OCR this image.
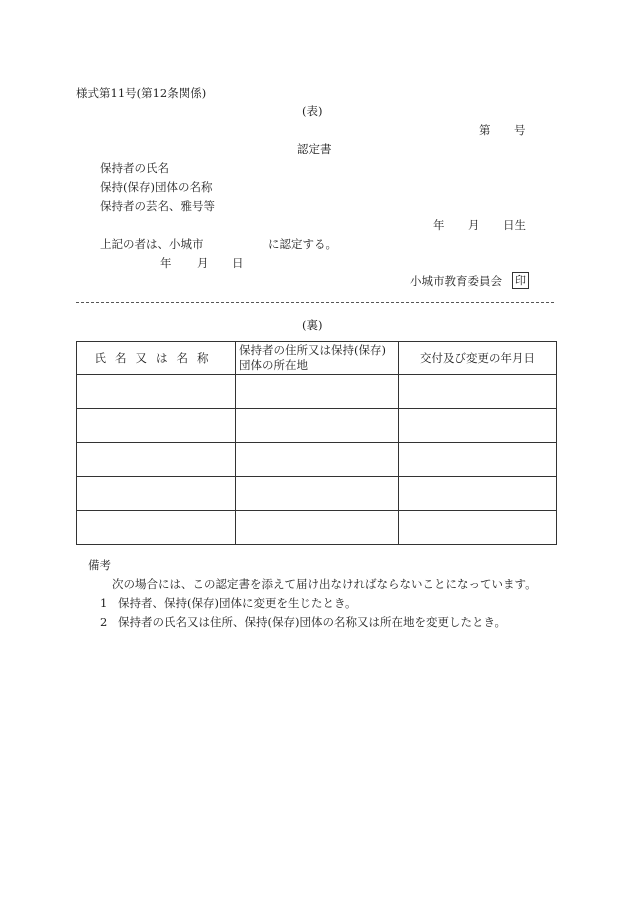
様式第11号(第12条関係)
(表)
第 号
認定書
保持者の氏名
保持(保存)団体の名称
保持者の芸名、雅号等
年 月 日生
上記の者は、小城市	に認定する。
年 月 日
小城市教育委員会 印
(裏)
氏名又は名称	保持者の住所又は保持(保存)団体の所在地	交付及び変更の年月日

備考
次の場合には、この認定書を添えて届け出なければならないことになっています。
1 保持者、保持(保存)団体に変更を生じたとき。
2 保持者の氏名又は住所、保持(保存)団体の名称又は所在地を変更したとき。
